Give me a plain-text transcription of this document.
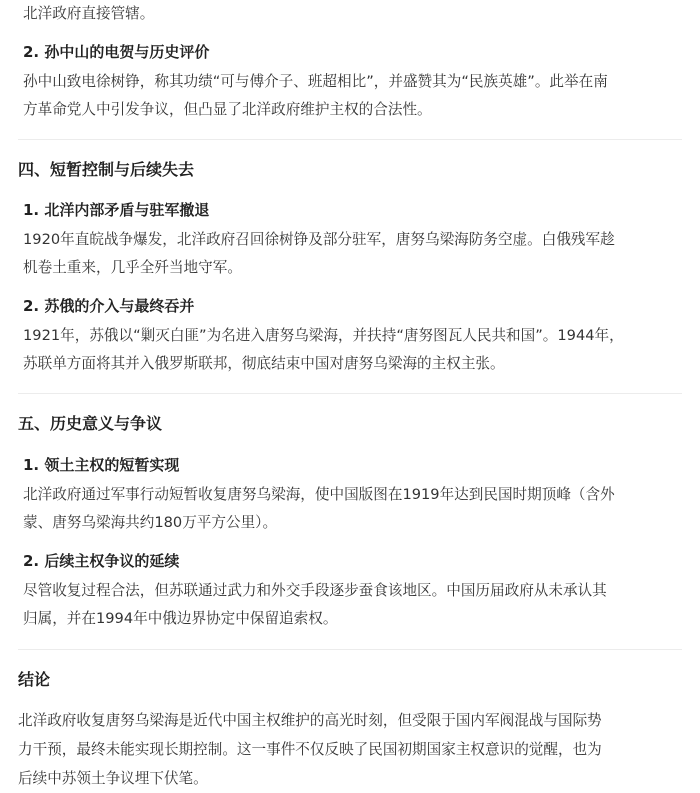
北洋政府直接管辖。

2. 孙中山的电贺与历史评价

孙中山致电徐树铮，称其功绩“可与傅介子、班超相比”，并盛赞其为“民族英雄”。此举在南

方革命党人中引发争议，但凸显了北洋政府维护主权的合法性。

四、短暂控制与后续失去

1. 北洋内部矛盾与驻军撤退

1920年直皖战争爆发，北洋政府召回徐树铮及部分驻军，唐努乌梁海防务空虚。白俄残军趁

机卷土重来，几乎全歼当地守军。

2. 苏俄的介入与最终吞并

1921年，苏俄以“剿灭白匪”为名进入唐努乌梁海，并扶持“唐努图瓦人民共和国”。1944年，

苏联单方面将其并入俄罗斯联邦，彻底结束中国对唐努乌梁海的主权主张。

五、历史意义与争议

1. 领土主权的短暂实现

北洋政府通过军事行动短暂收复唐努乌梁海，使中国版图在1919年达到民国时期顶峰（含外

蒙、唐努乌梁海共约180万平方公里）。

2. 后续主权争议的延续

尽管收复过程合法，但苏联通过武力和外交手段逐步蚕食该地区。中国历届政府从未承认其

归属，并在1994年中俄边界协定中保留追索权。

结论

北洋政府收复唐努乌梁海是近代中国主权维护的高光时刻，但受限于国内军阀混战与国际势

力干预，最终未能实现长期控制。这一事件不仅反映了民国初期国家主权意识的觉醒，也为

后续中苏领土争议埋下伏笔。
